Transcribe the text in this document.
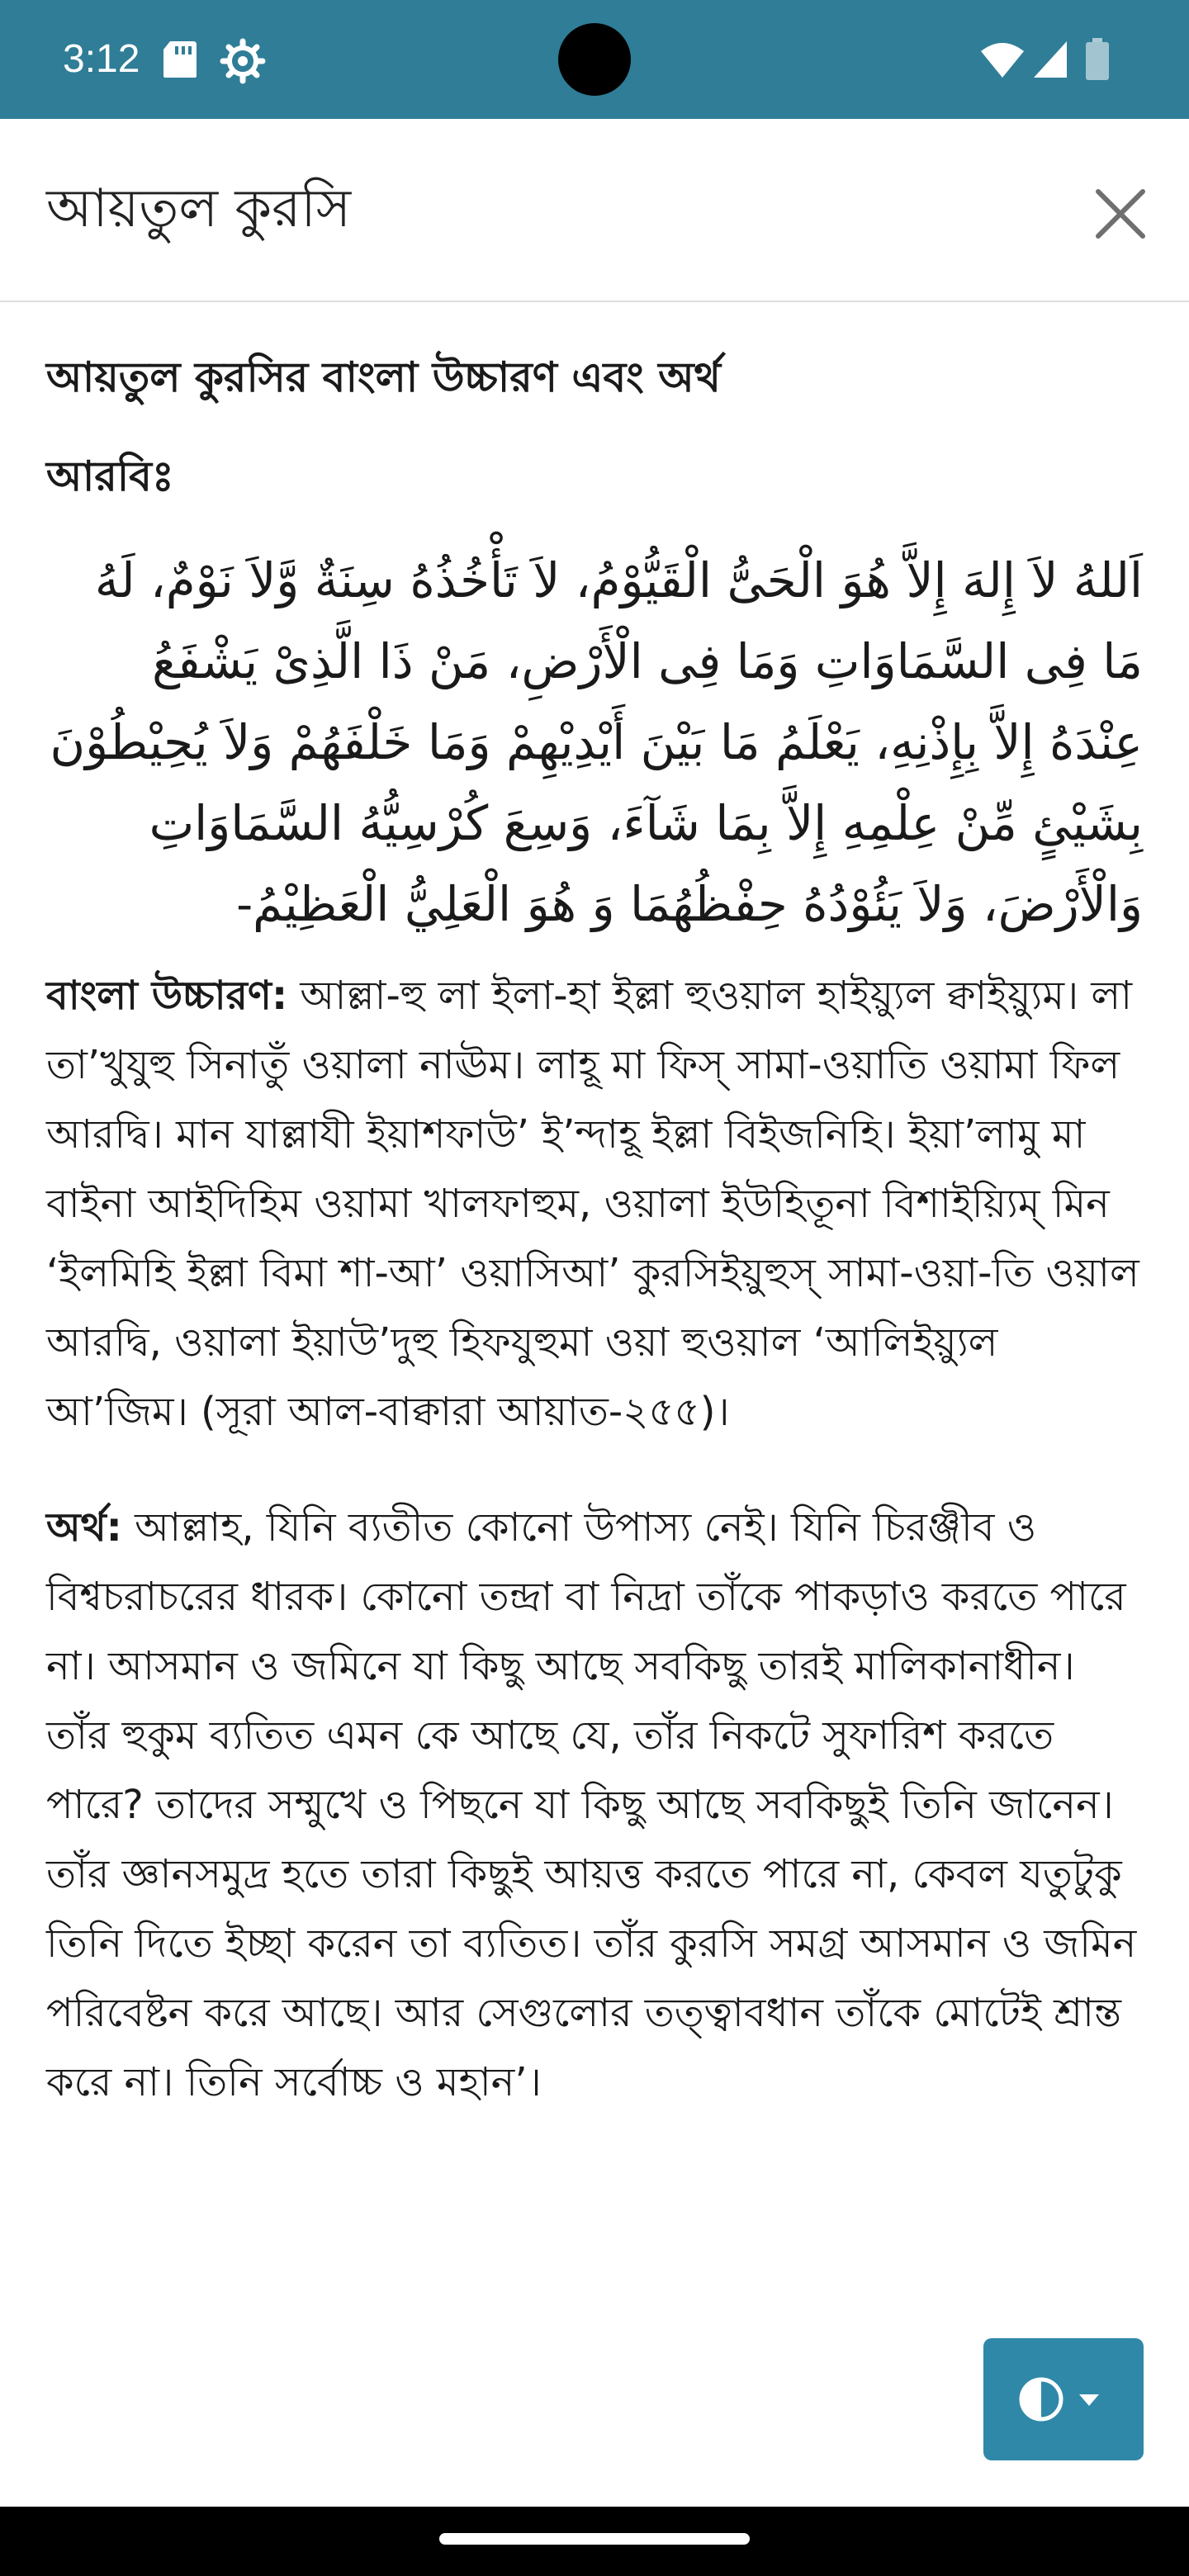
3:12
আয়তুল কুরসি
আয়তুল কুরসির বাংলা উচ্চারণ এবং অর্থ
আরবিঃ
اَللهُ لاَ إِلهَ إِلاَّ هُوَ الْحَىُّ الْقَيُّوْمُ، لاَ تَأْخُذُهُ سِنَةٌ وَّلاَ نَوْمٌ، لَهُ مَا فِى السَّمَاوَاتِ وَمَا فِى الْأَرْضِ، مَنْ ذَا الَّذِىْ يَشْفَعُ عِنْدَهُ إِلاَّ بِإِذْنِهِ، يَعْلَمُ مَا بَيْنَ أَيْدِيْهِمْ وَمَا خَلْفَهُمْ وَلاَ يُحِيْطُوْنَ بِشَيْئٍ مِّنْ عِلْمِهِ إِلاَّ بِمَا شَآءَ، وَسِعَ كُرْسِيُّهُ السَّمَاوَاتِ وَالْأَرْضَ، وَلاَ يَئُوْدُهُ حِفْظُهُمَا وَ هُوَ الْعَلِيُّ الْعَظِيْمُ-

বাংলা উচ্চারণ: আল্লা-হু লা ইলা-হা ইল্লা হুওয়াল হাইয়্যুল ক্বাইয়্যুম। লা তা’খুযুহু সিনাতুঁ ওয়ালা নাঊম। লাহূ মা ফিস্ সামা-ওয়াতি ওয়ামা ফিল আরদ্বি। মান যাল্লাযী ইয়াশফাউ’ ই’ন্দাহূ ইল্লা বিইজনিহি। ইয়া’লামু মা বাইনা আইদিহিম ওয়ামা খালফাহুম, ওয়ালা ইউহিতূনা বিশাইয়্যিম্ মিন ‘ইলমিহি ইল্লা বিমা শা-আ’ ওয়াসিআ’ কুরসিইয়ুহুস্ সামা-ওয়া-তি ওয়াল আরদ্বি, ওয়ালা ইয়াউ’দুহু হিফযুহুমা ওয়া হুওয়াল ‘আলিইয়্যুল আ’জিম। (সূরা আল-বাক্বারা আয়াত-২৫৫)।

অর্থ: আল্লাহ, যিনি ব্যতীত কোনো উপাস্য নেই। যিনি চিরঞ্জীব ও বিশ্বচরাচরের ধারক। কোনো তন্দ্রা বা নিদ্রা তাঁকে পাকড়াও করতে পারে না। আসমান ও জমিনে যা কিছু আছে সবকিছু তারই মালিকানাধীন। তাঁর হুকুম ব্যতিত এমন কে আছে যে, তাঁর নিকটে সুফারিশ করতে পারে? তাদের সম্মুখে ও পিছনে যা কিছু আছে সবকিছুই তিনি জানেন। তাঁর জ্ঞানসমুদ্র হতে তারা কিছুই আয়ত্ত করতে পারে না, কেবল যতুটুকু তিনি দিতে ইচ্ছা করেন তা ব্যতিত। তাঁর কুরসি সমগ্র আসমান ও জমিন পরিবেষ্টন করে আছে। আর সেগুলোর তত্ত্বাবধান তাঁকে মোটেই শ্রান্ত করে না। তিনি সর্বোচ্চ ও মহান’।
